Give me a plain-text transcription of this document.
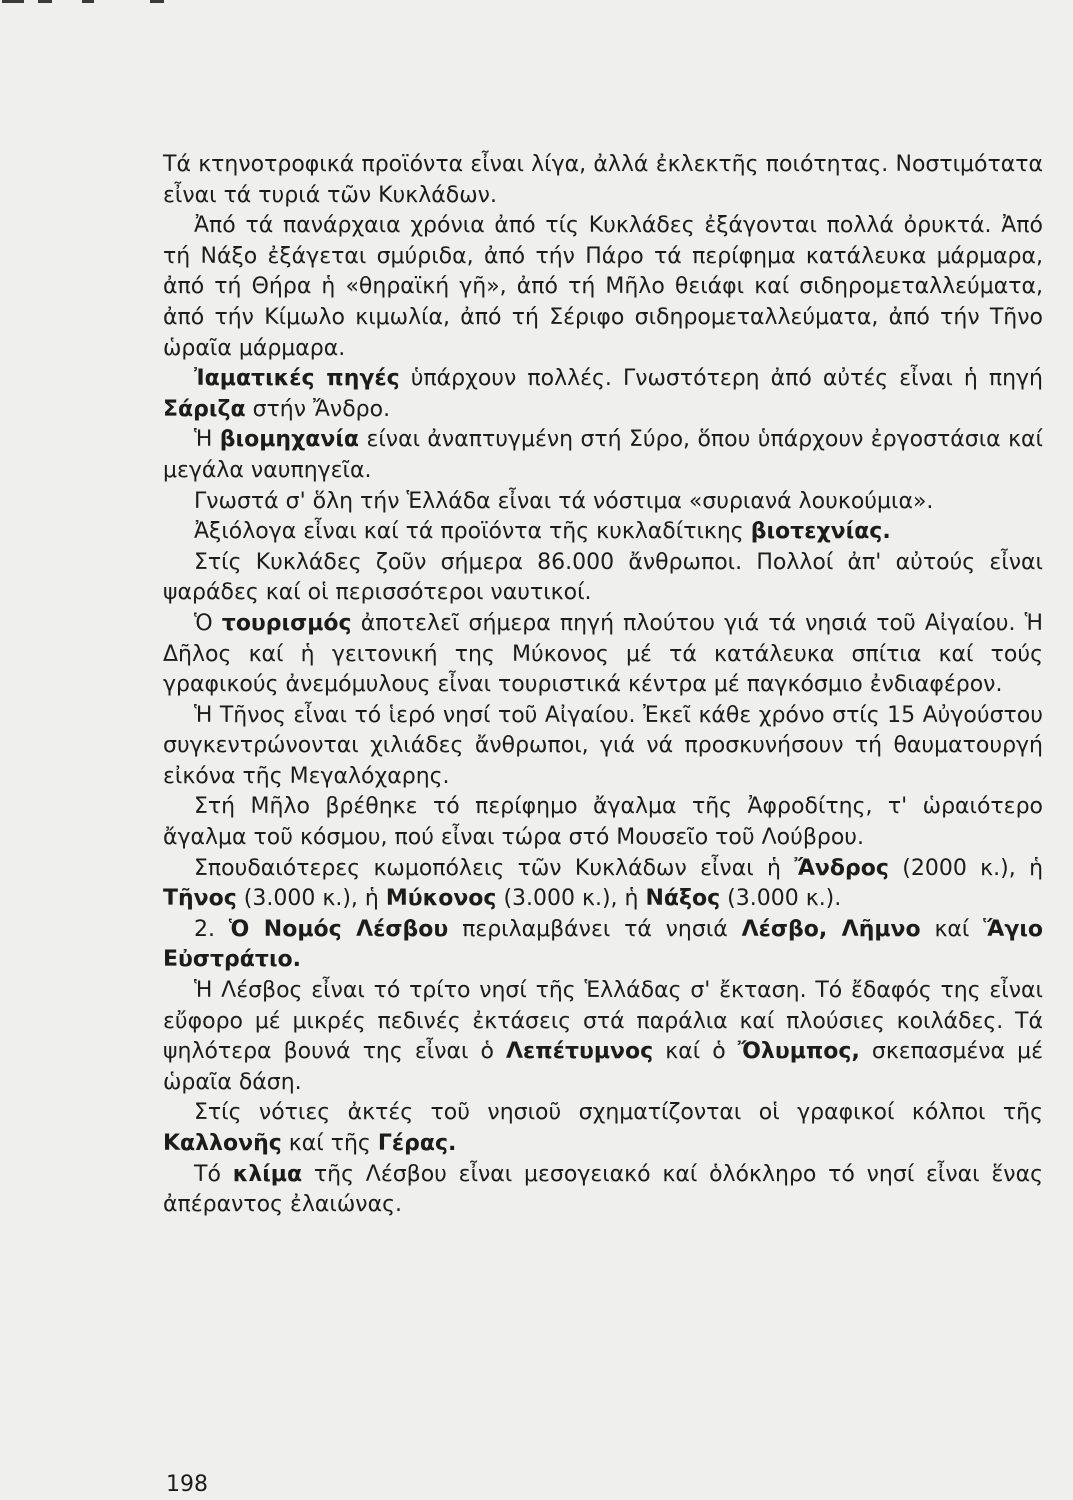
Τά κτηνοτροφικά προϊόντα εἶναι λίγα, ἀλλά ἐκλεκτῆς ποιότητας. Νοστιμότατα εἶναι τά τυριά τῶν Κυκλάδων.

Ἀπό τά πανάρχαια χρόνια ἀπό τίς Κυκλάδες ἐξάγονται πολλά ὀρυκτά. Ἀπό τή Νάξο ἐξάγεται σμύριδα, ἀπό τήν Πάρο τά περίφημα κατάλευκα μάρμαρα, ἀπό τή Θήρα ἡ «θηραϊκή γῆ», ἀπό τή Μῆλο θειάφι καί σιδηρομεταλλεύματα, ἀπό τήν Κίμωλο κιμωλία, ἀπό τή Σέριφο σιδηρομεταλλεύματα, ἀπό τήν Τῆνο ὡραῖα μάρμαρα.

Ἰαματικές πηγές ὑπάρχουν πολλές. Γνωστότερη ἀπό αὐτές εἶναι ἡ πηγή Σάριζα στήν Ἄνδρο.

Ἡ βιομηχανία είναι ἀναπτυγμένη στή Σύρο, ὅπου ὑπάρχουν ἐργοστάσια καί μεγάλα ναυπηγεῖα.

Γνωστά σ' ὅλη τήν Ἑλλάδα εἶναι τά νόστιμα «συριανά λουκούμια».

Ἀξιόλογα εἶναι καί τά προϊόντα τῆς κυκλαδίτικης βιοτεχνίας.

Στίς Κυκλάδες ζοῦν σήμερα 86.000 ἄνθρωποι. Πολλοί ἀπ' αὐτούς εἶναι ψαράδες καί οἱ περισσότεροι ναυτικοί.

Ὁ τουρισμός ἀποτελεῖ σήμερα πηγή πλούτου γιά τά νησιά τοῦ Αἰγαίου. Ἡ Δῆλος καί ἡ γειτονική της Μύκονος μέ τά κατάλευκα σπίτια καί τούς γραφικούς ἀνεμόμυλους εἶναι τουριστικά κέντρα μέ παγκόσμιο ἐνδιαφέρον.

Ἡ Τῆνος εἶναι τό ἱερό νησί τοῦ Αἰγαίου. Ἐκεῖ κάθε χρόνο στίς 15 Αὐγούστου συγκεντρώνονται χιλιάδες ἄνθρωποι, γιά νά προσκυνήσουν τή θαυματουργή εἰκόνα τῆς Μεγαλόχαρης.

Στή Μῆλο βρέθηκε τό περίφημο ἄγαλμα τῆς Ἀφροδίτης, τ' ὡραιότερο ἄγαλμα τοῦ κόσμου, πού εἶναι τώρα στό Μουσεῖο τοῦ Λούβρου.

Σπουδαιότερες κωμοπόλεις τῶν Κυκλάδων εἶναι ἡ Ἄνδρος (2000 κ.), ἡ Τῆνος (3.000 κ.), ἡ Μύκονος (3.000 κ.), ἡ Νάξος (3.000 κ.).

2. Ὁ Νομός Λέσβου περιλαμβάνει τά νησιά Λέσβο, Λῆμνο καί Ἅγιο Εὐστράτιο.

Ἡ Λέσβος εἶναι τό τρίτο νησί τῆς Ἑλλάδας σ' ἔκταση. Τό ἔδαφός της εἶναι εὔφορο μέ μικρές πεδινές ἐκτάσεις στά παράλια καί πλούσιες κοιλάδες. Τά ψηλότερα βουνά της εἶναι ὁ Λεπέτυμνος καί ὁ Ὄλυμπος, σκεπασμένα μέ ὡραῖα δάση.

Στίς νότιες ἀκτές τοῦ νησιοῦ σχηματίζονται οἱ γραφικοί κόλποι τῆς Καλλονῆς καί τῆς Γέρας.

Τό κλίμα τῆς Λέσβου εἶναι μεσογειακό καί ὁλόκληρο τό νησί εἶναι ἕνας ἀπέραντος ἐλαιώνας.

198
